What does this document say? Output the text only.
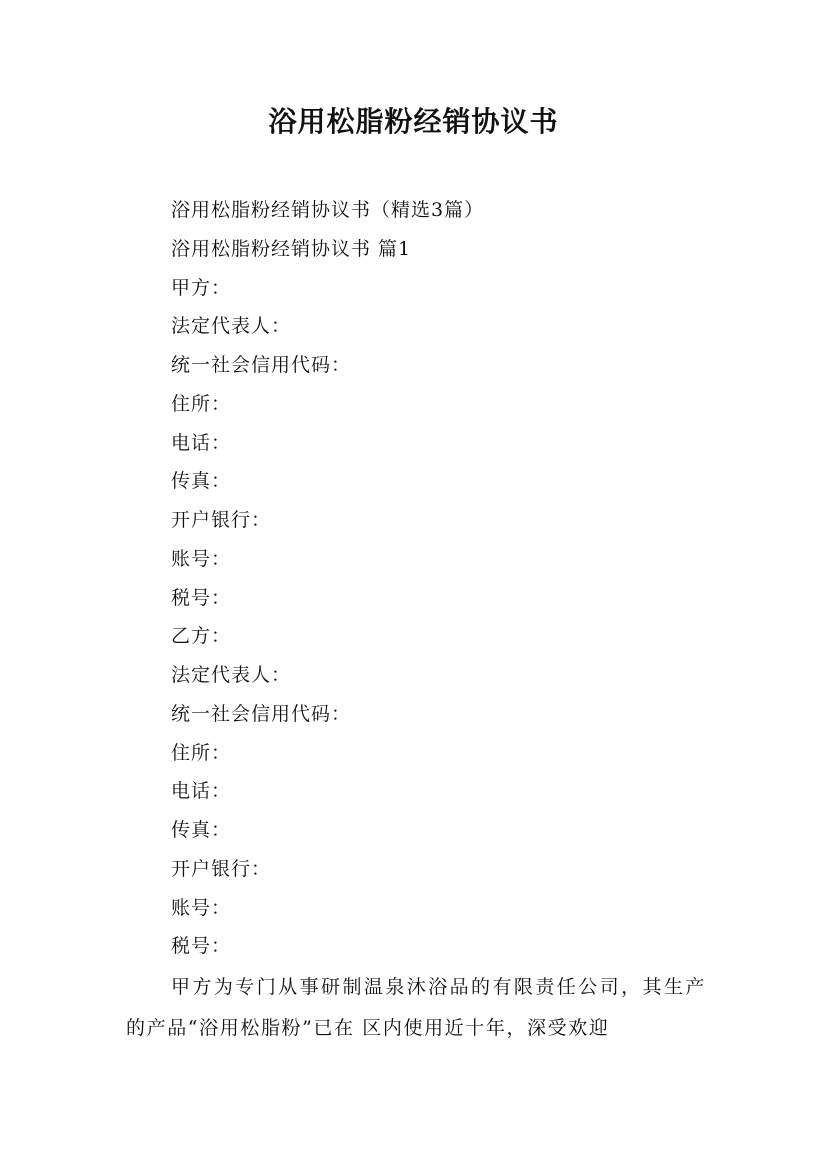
浴用松脂粉经销协议书
浴用松脂粉经销协议书（精选3篇）
浴用松脂粉经销协议书 篇1
甲方：
法定代表人：
统一社会信用代码：
住所：
电话：
传真：
开户银行：
账号：
税号：
乙方：
法定代表人：
统一社会信用代码：
住所：
电话：
传真：
开户银行：
账号：
税号：

甲方为专门从事研制温泉沐浴品的有限责任公司，其生产的产品“浴用松脂粉”已在 区内使用近十年，深受欢迎
